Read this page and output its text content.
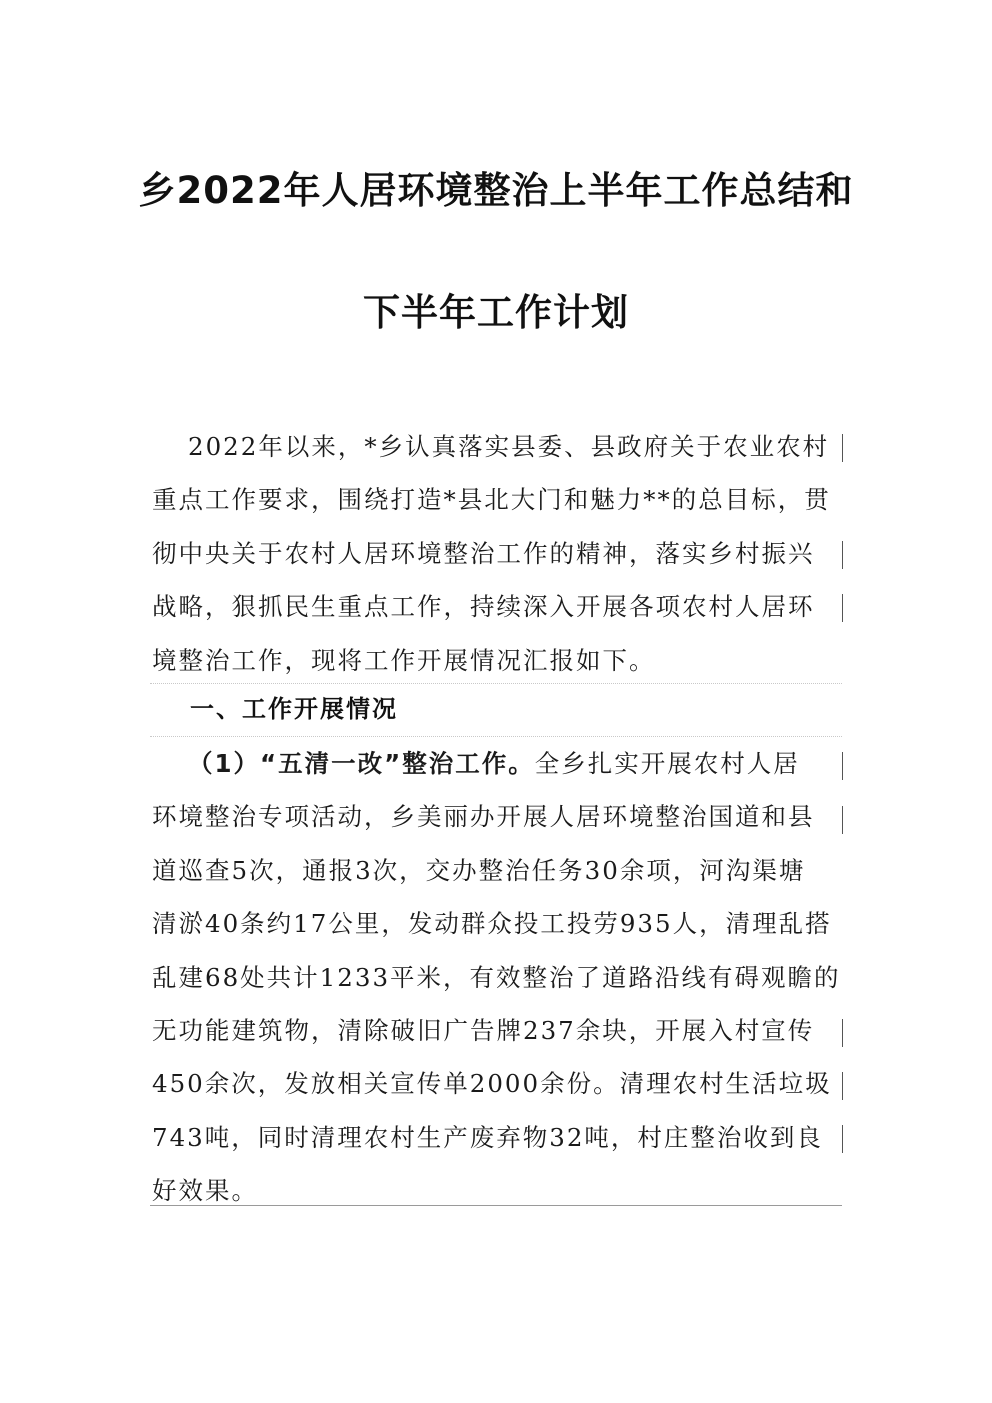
乡2022年人居环境整治上半年工作总结和
下半年工作计划
2022年以来，*乡认真落实县委、县政府关于农业农村
重点工作要求，围绕打造*县北大门和魅力**的总目标，贯
彻中央关于农村人居环境整治工作的精神，落实乡村振兴
战略，狠抓民生重点工作，持续深入开展各项农村人居环
境整治工作，现将工作开展情况汇报如下。
一、工作开展情况
（1）“五清一改”整治工作。全乡扎实开展农村人居
环境整治专项活动，乡美丽办开展人居环境整治国道和县
道巡查5次，通报3次，交办整治任务30余项，河沟渠塘
清淤40条约17公里，发动群众投工投劳935人，清理乱搭
乱建68处共计1233平米，有效整治了道路沿线有碍观瞻的
无功能建筑物，清除破旧广告牌237余块，开展入村宣传
450余次，发放相关宣传单2000余份。清理农村生活垃圾
743吨，同时清理农村生产废弃物32吨，村庄整治收到良
好效果。
